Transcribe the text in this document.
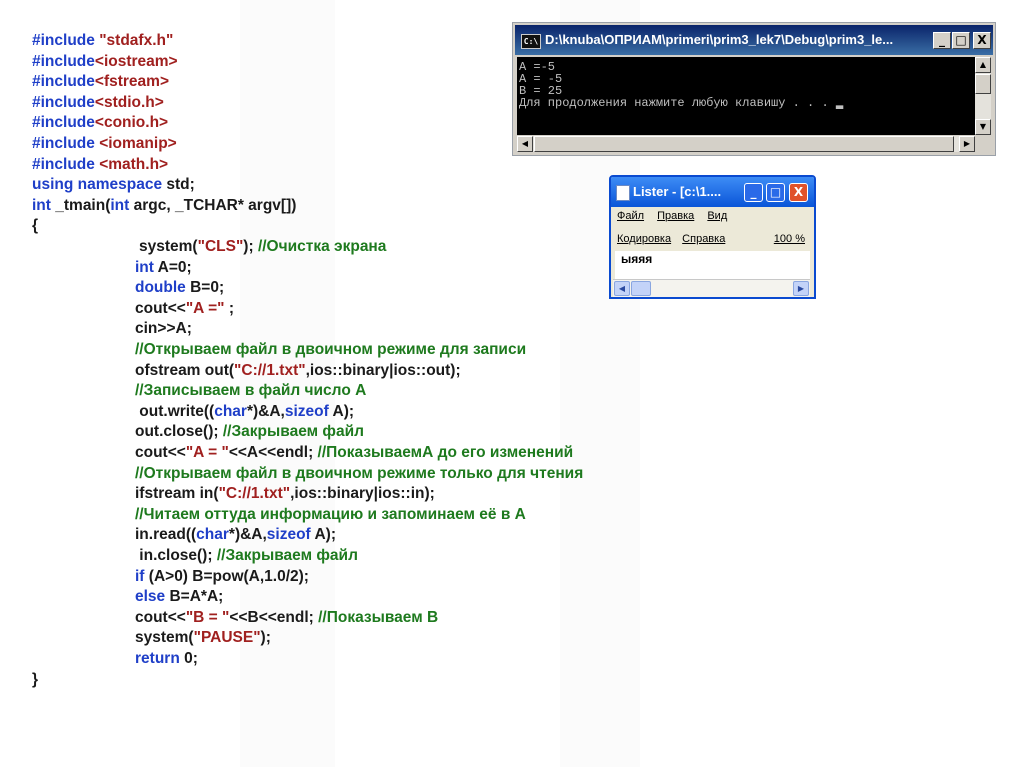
#include "stdafx.h"
#include<iostream>
#include<fstream>
#include<stdio.h>
#include<conio.h>
#include <iomanip>
#include <math.h>
using namespace std;
int _tmain(int argc, _TCHAR* argv[])
{
system("CLS"); //Очистка экрана
int A=0;
double B=0;
cout<<"A =" ;
cin>>A;
//Открываем файл в двоичном режиме для записи
ofstream out("C://1.txt",ios::binary|ios::out);
//Записываем в файл число А
out.write((char*)&A,sizeof A);
out.close(); //Закрываем файл
cout<<"A = "<<A<<endl; //ПоказываемА до его изменений
//Открываем файл в двоичном режиме только для чтения
ifstream in("C://1.txt",ios::binary|ios::in);
//Читаем оттуда информацию и запоминаем её в А
in.read((char*)&A,sizeof A);
in.close(); //Закрываем файл
if (A>0) B=pow(A,1.0/2);
else B=A*A;
cout<<"B = "<<B<<endl; //Показываем В
system("PAUSE");
return 0;
}
C:\ D:\knuba\ОПРИАМ\primeri\prim3_lek7\Debug\prim3_le...	_ □ X
A =-5
A = -5
B = 25
Для продолжения нажмите любую клавишу . . . ▂
▲
▼
◀	▶
Lister - [c:\1....	_	□	X
Файл Правка Вид
Кодировка Справка	100 %
ыяяя
◀	▶
